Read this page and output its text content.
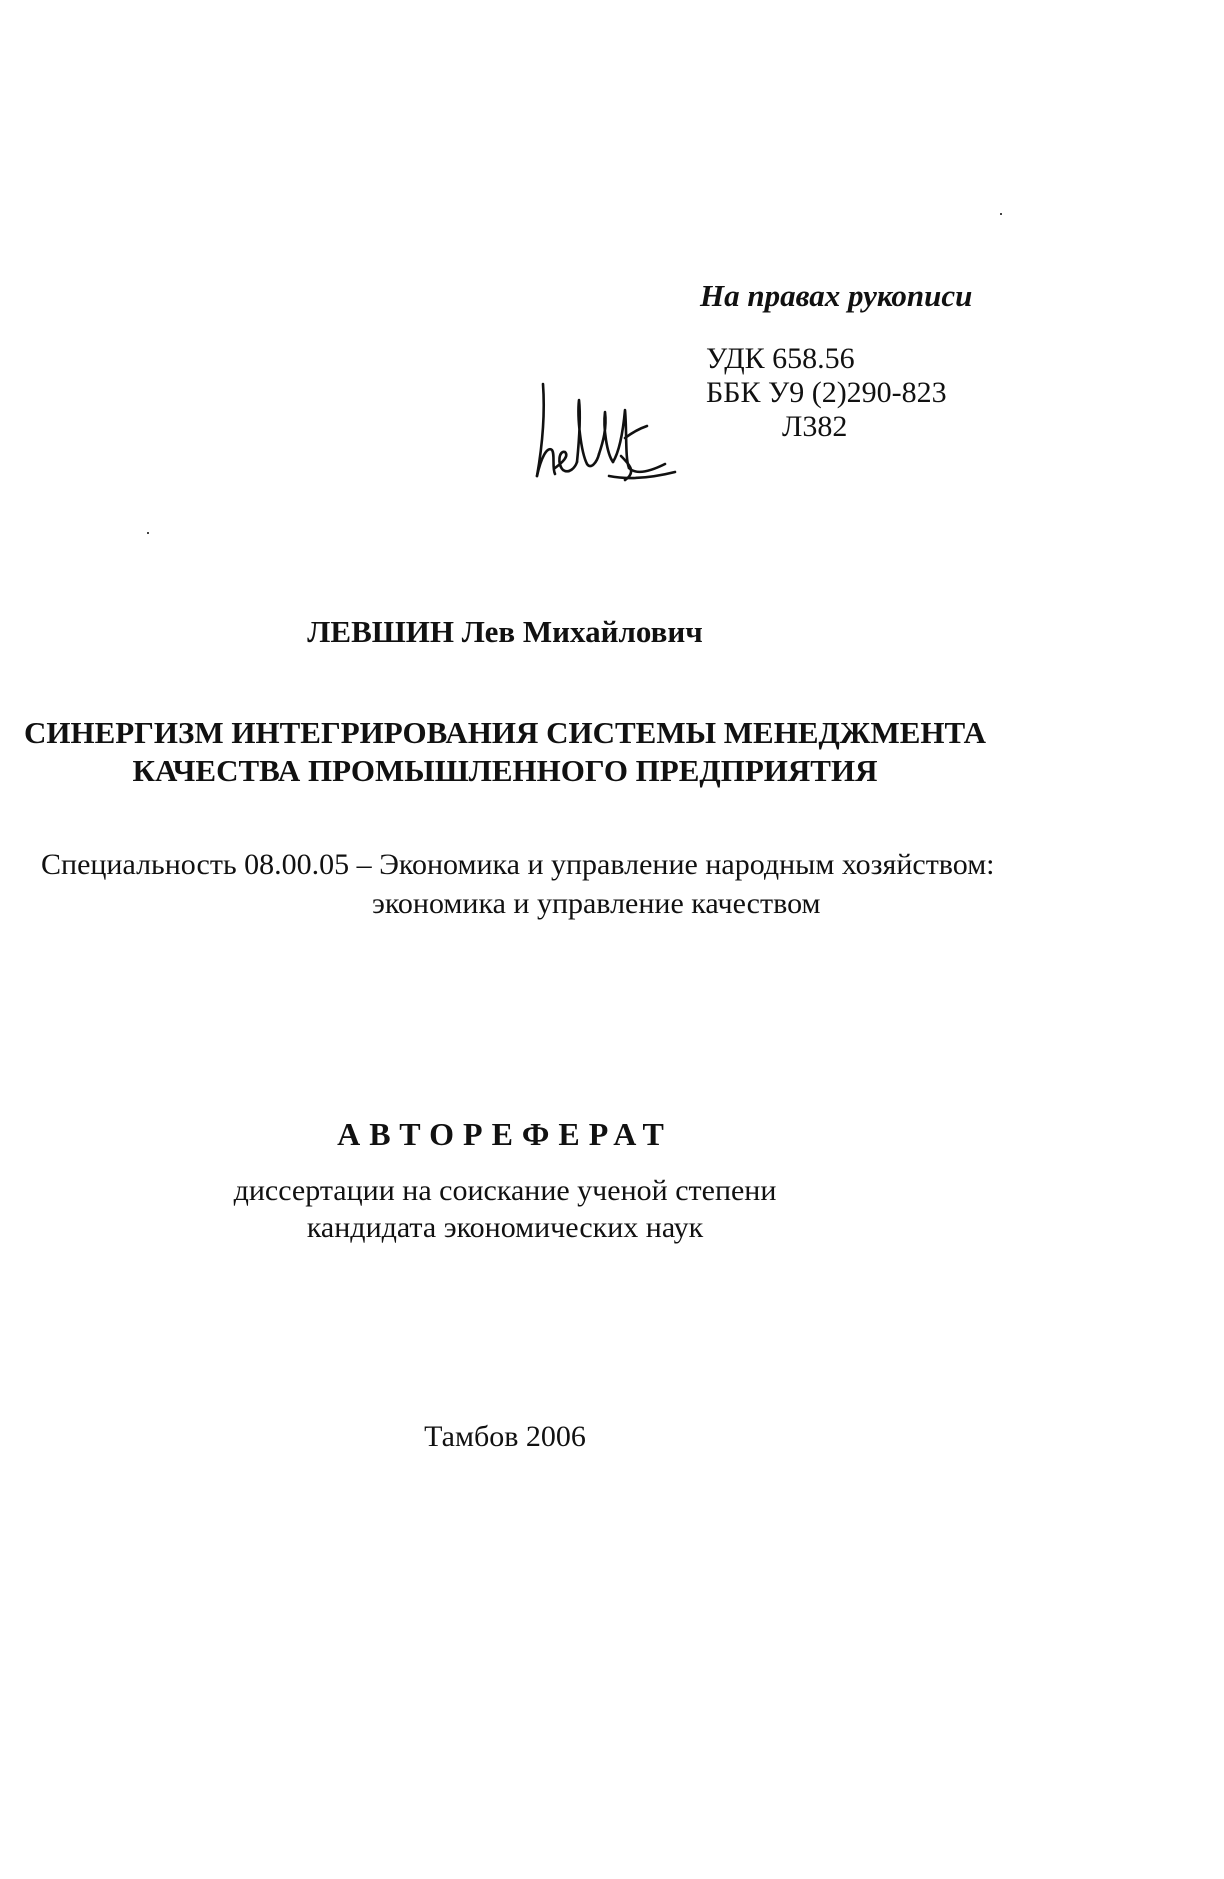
На правах рукописи
УДК 658.56
ББК У9 (2)290-823
Л382
ЛЕВШИН Лев Михайлович
СИНЕРГИЗМ ИНТЕГРИРОВАНИЯ СИСТЕМЫ МЕНЕДЖМЕНТА
КАЧЕСТВА ПРОМЫШЛЕННОГО ПРЕДПРИЯТИЯ
Специальность 08.00.05 – Экономика и управление народным хозяйством:
экономика и управление качеством
АВТОРЕФЕРАТ
диссертации на соискание ученой степени
кандидата экономических наук
Тамбов 2006
